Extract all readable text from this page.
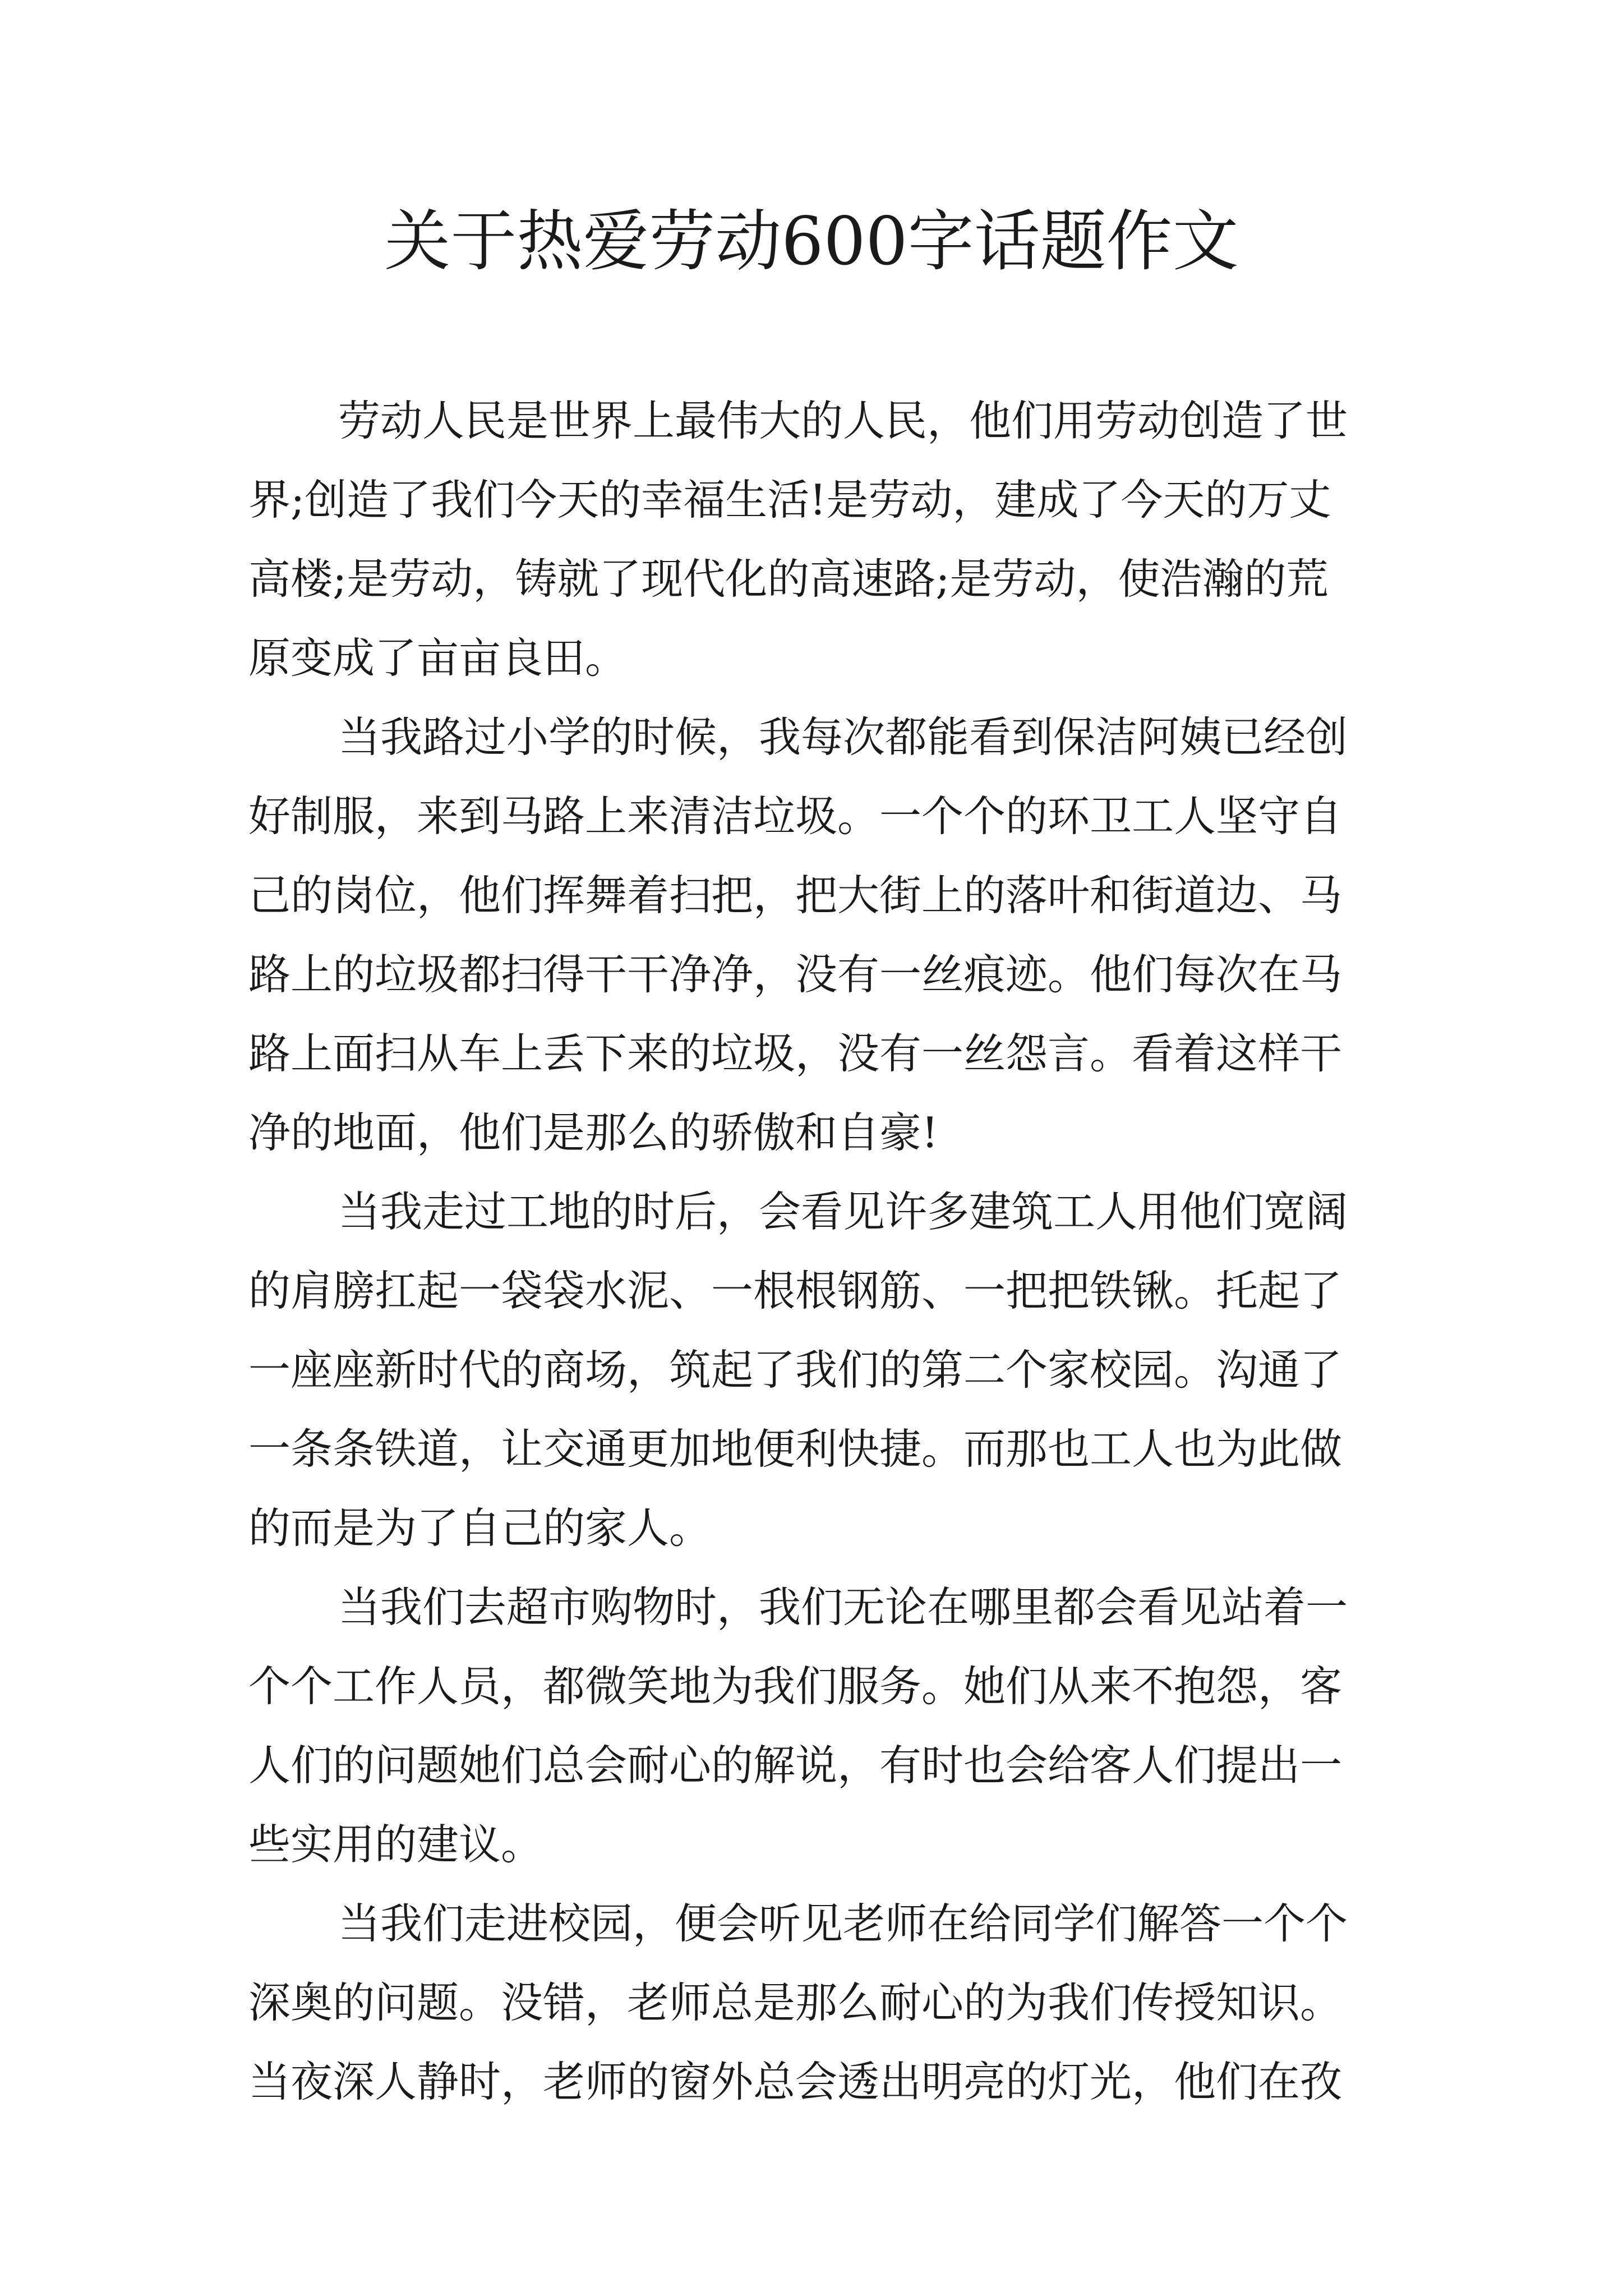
关于热爱劳动600字话题作文
劳动人民是世界上最伟大的人民，他们用劳动创造了世
界;创造了我们今天的幸福生活!是劳动，建成了今天的万丈
高楼;是劳动，铸就了现代化的高速路;是劳动，使浩瀚的荒
原变成了亩亩良田。
当我路过小学的时候，我每次都能看到保洁阿姨已经创
好制服，来到马路上来清洁垃圾。一个个的环卫工人坚守自
己的岗位，他们挥舞着扫把，把大街上的落叶和街道边、马
路上的垃圾都扫得干干净净，没有一丝痕迹。他们每次在马
路上面扫从车上丢下来的垃圾，没有一丝怨言。看着这样干
净的地面，他们是那么的骄傲和自豪!
当我走过工地的时后，会看见许多建筑工人用他们宽阔
的肩膀扛起一袋袋水泥、一根根钢筋、一把把铁锹。托起了
一座座新时代的商场，筑起了我们的第二个家校园。沟通了
一条条铁道，让交通更加地便利快捷。而那也工人也为此做
的而是为了自己的家人。
当我们去超市购物时，我们无论在哪里都会看见站着一
个个工作人员，都微笑地为我们服务。她们从来不抱怨，客
人们的问题她们总会耐心的解说，有时也会给客人们提出一
些实用的建议。
当我们走进校园，便会听见老师在给同学们解答一个个
深奥的问题。没错，老师总是那么耐心的为我们传授知识。
当夜深人静时，老师的窗外总会透出明亮的灯光，他们在孜
